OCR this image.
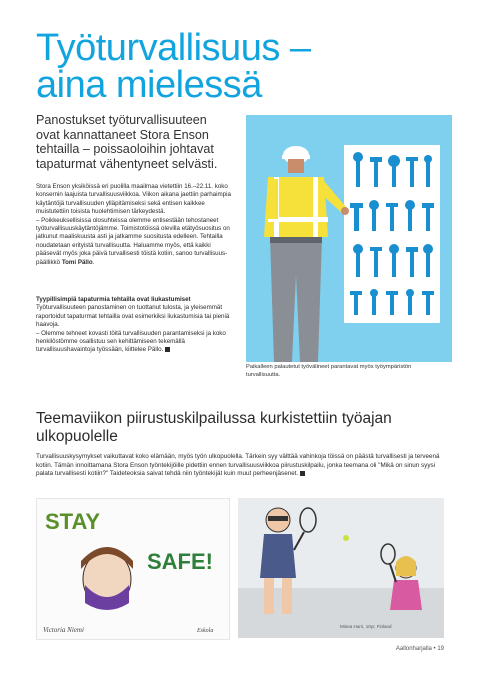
Työturvallisuus – aina mielessä
Panostukset työturvallisuuteen ovat kannattaneet Stora Enson tehtailla – poissaoloihin johtavat tapaturmat vähentyneet selvästi.

Stora Enson yksiköissä eri puolilla maailmaa vietettiin 16.–22.11. koko konsernin laajuista turvallisuusviikkoa. Viikon aikana jaettiin parhaimpia käytäntöjä turvallisuuden ylläpitämiseksi sekä entisen kaikkee muistutettiin toisista huolehtimisen tärkeydestä.

– Poikkeuksellisissa olosuhteissa olemme entisestään tehostaneet työturvallisuuskäytäntöjämme. Toimistotöissä olevilla etätyösuositus on jatkunut maaliskuusta asti ja jatkamme suositusta edelleen. Tehtailla noudatetaan erityistä turvallisuutta. Haluamme myös, että kaikki pääsevät myös joka päivä turvallisesti töistä kotiin, sanoo turvallisuus-päällikkö Tomi Pällo.

Tyypillisimpiä tapaturmia tehtailla ovat liukastumiset
Työturvallisuuteen panostaminen on tuottanut tulosta, ja yleisemmät raportoidut tapaturmat tehtailla ovat esimerkiksi liukastumisia tai pieniä haavoja.
– Olemme tehneet kovasti töitä turvallisuuden parantamiseksi ja koko henkilöstömme osallistuu sen kehittämiseen tekemällä turvallisuushavaintoja työssään, kiittelee Pällo.
Paikalleen palautetut työvälineet parantavat myös työympäristön turvallisuutta.
Teemaviikon piirustuskilpailussa kurkistettiin työajan ulkopuolelle
Turvallisuuskysymykset vaikuttavat koko elämään, myös työn ulkopuolella. Tärkein syy välttää vahinkoja töissä on päästä turvallisesti ja terveenä kotiin. Tämän innoittamana Stora Enson työntekijöille pidettiin ennen turvallisuusviikkoa piirustuskilpailu, jonka teemana oli "Mikä on sinun syysi palata turvallisesti kotiin?" Taideteoksia saivat tehdä niin työntekijät kuin muut perheenjäsenet.
STAY
SAFE!
Victoria Niemi	Eskola
Minea Hurri, 10yr, Finland
Aallonharjalla • 19
